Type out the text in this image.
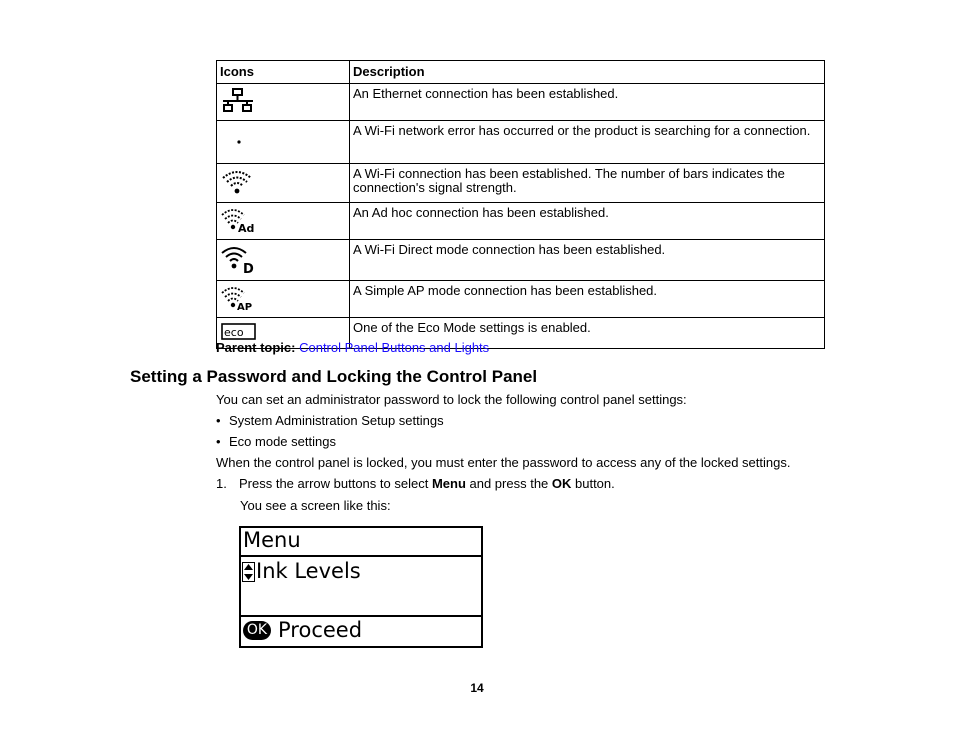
Icons	Description
	An Ethernet connection has been established.
	A Wi-Fi network error has occurred or the product is searching for a connection.
	A Wi-Fi connection has been established. The number of bars indicates the connection's signal strength.

Ad	An Ad hoc connection has been established.

D	A Wi-Fi Direct mode connection has been established.

AP	A Simple AP mode connection has been established.

eco	One of the Eco Mode settings is enabled.
Parent topic: Control Panel Buttons and Lights
Setting a Password and Locking the Control Panel
You can set an administrator password to lock the following control panel settings:
• System Administration Setup settings
• Eco mode settings
When the control panel is locked, you must enter the password to access any of the locked settings.
1. Press the arrow buttons to select Menu and press the OK button.
You see a screen like this:
Menu
Ink Levels
OK Proceed
14
